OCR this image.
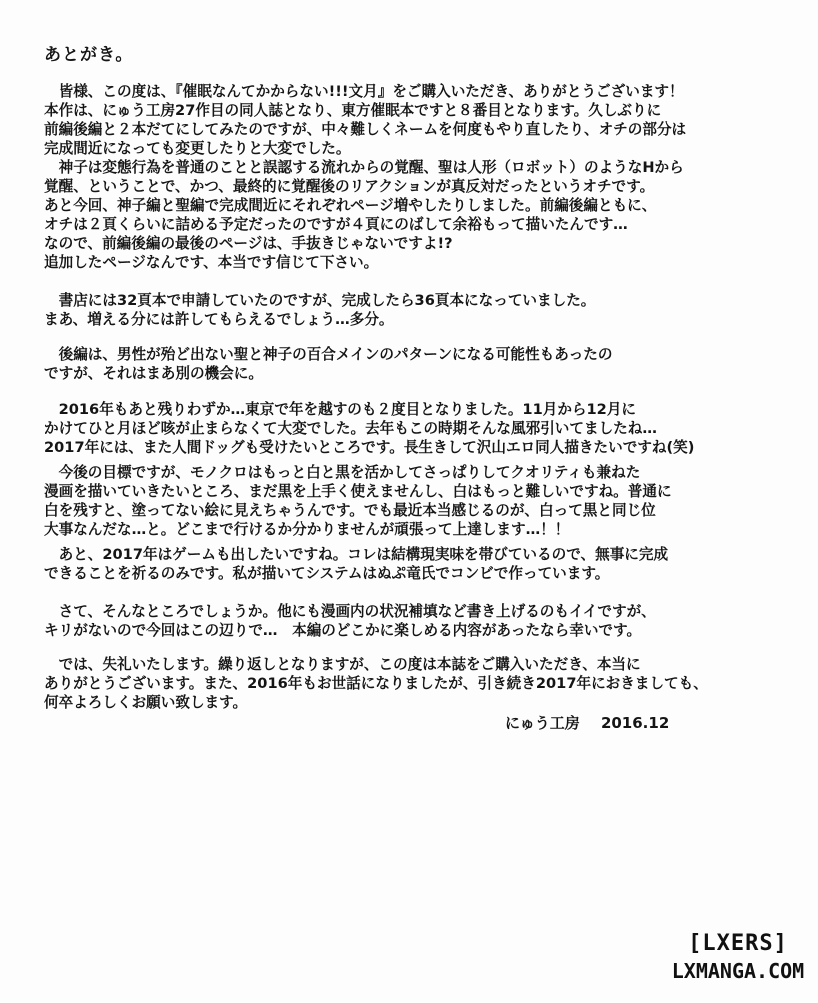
あとがき。
　皆様、この度は、『催眠なんてかからない!!!文月』をご購入いただき、ありがとうございます！
本作は、にゅう工房27作目の同人誌となり、東方催眠本ですと８番目となります。久しぶりに
前編後編と２本だてにしてみたのですが、中々難しくネームを何度もやり直したり、オチの部分は
完成間近になっても変更したりと大変でした。
　神子は変態行為を普通のことと誤認する流れからの覚醒、聖は人形（ロボット）のようなHから
覚醒、ということで、かつ、最終的に覚醒後のリアクションが真反対だったというオチです。
あと今回、神子編と聖編で完成間近にそれぞれページ増やしたりしました。前編後編ともに、
オチは２頁くらいに詰める予定だったのですが４頁にのばして余裕もって描いたんです…
なので、前編後編の最後のページは、手抜きじゃないですよ!?
追加したページなんです、本当です信じて下さい。
　書店には32頁本で申請していたのですが、完成したら36頁本になっていました。
まあ、増える分には許してもらえるでしょう…多分。
　後編は、男性が殆ど出ない聖と神子の百合メインのパターンになる可能性もあったの
ですが、それはまあ別の機会に。
　2016年もあと残りわずか…東京で年を越すのも２度目となりました。11月から12月に
かけてひと月ほど咳が止まらなくて大変でした。去年もこの時期そんな風邪引いてましたね…
2017年には、また人間ドッグも受けたいところです。長生きして沢山エロ同人描きたいですね(笑)
　今後の目標ですが、モノクロはもっと白と黒を活かしてさっぱりしてクオリティも兼ねた
漫画を描いていきたいところ、まだ黒を上手く使えませんし、白はもっと難しいですね。普通に
白を残すと、塗ってない絵に見えちゃうんです。でも最近本当感じるのが、白って黒と同じ位
大事なんだな…と。どこまで行けるか分かりませんが頑張って上達します…！！
　あと、2017年はゲームも出したいですね。コレは結構現実味を帯びているので、無事に完成
できることを祈るのみです。私が描いてシステムはぬぷ竜氏でコンビで作っています。
　さて、そんなところでしょうか。他にも漫画内の状況補填など書き上げるのもイイですが、
キリがないので今回はこの辺りで…　本編のどこかに楽しめる内容があったなら幸いです。
　では、失礼いたします。繰り返しとなりますが、この度は本誌をご購入いただき、本当に
ありがとうございます。また、2016年もお世話になりましたが、引き続き2017年におきましても、
何卒よろしくお願い致します。
にゅう工房 2016.12
[LXERS]
LXMANGA.COM
